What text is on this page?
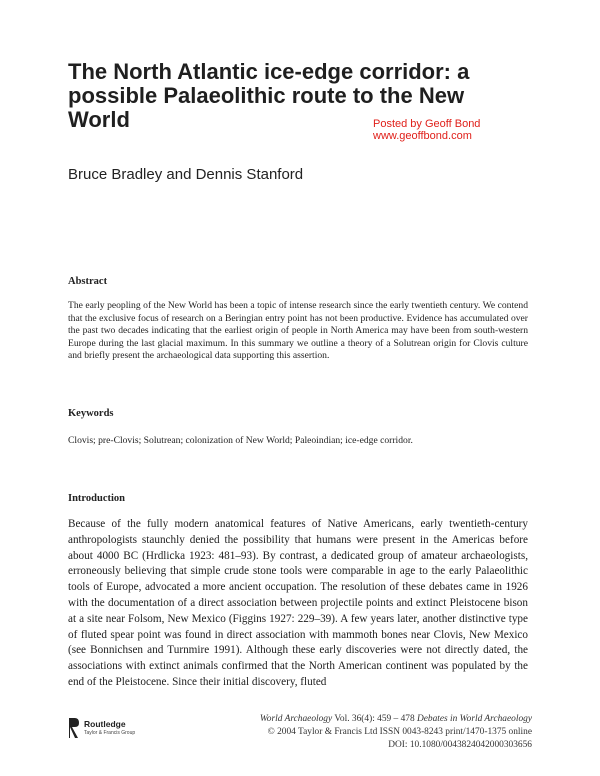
The North Atlantic ice-edge corridor: a possible Palaeolithic route to the New World	Posted by Geoff Bond
www.geoffbond.com
Bruce Bradley and Dennis Stanford
Abstract
The early peopling of the New World has been a topic of intense research since the early twentieth century. We contend that the exclusive focus of research on a Beringian entry point has not been productive. Evidence has accumulated over the past two decades indicating that the earliest origin of people in North America may have been from south-western Europe during the last glacial maximum. In this summary we outline a theory of a Solutrean origin for Clovis culture and briefly present the archaeological data supporting this assertion.
Keywords
Clovis; pre-Clovis; Solutrean; colonization of New World; Paleoindian; ice-edge corridor.
Introduction
Because of the fully modern anatomical features of Native Americans, early twentieth-century anthropologists staunchly denied the possibility that humans were present in the Americas before about 4000 BC (Hrdlicka 1923: 481–93). By contrast, a dedicated group of amateur archaeologists, erroneously believing that simple crude stone tools were comparable in age to the early Palaeolithic tools of Europe, advocated a more ancient occupation. The resolution of these debates came in 1926 with the documentation of a direct association between projectile points and extinct Pleistocene bison at a site near Folsom, New Mexico (Figgins 1927: 229–39). A few years later, another distinctive type of fluted spear point was found in direct association with mammoth bones near Clovis, New Mexico (see Bonnichsen and Turnmire 1991). Although these early discoveries were not directly dated, the associations with extinct animals confirmed that the North American continent was populated by the end of the Pleistocene. Since their initial discovery, fluted
Routledge
Taylor & Francis Group
World Archaeology Vol. 36(4): 459 – 478 Debates in World Archaeology
© 2004 Taylor & Francis Ltd ISSN 0043-8243 print/1470-1375 online
DOI: 10.1080/0043824042000303656
